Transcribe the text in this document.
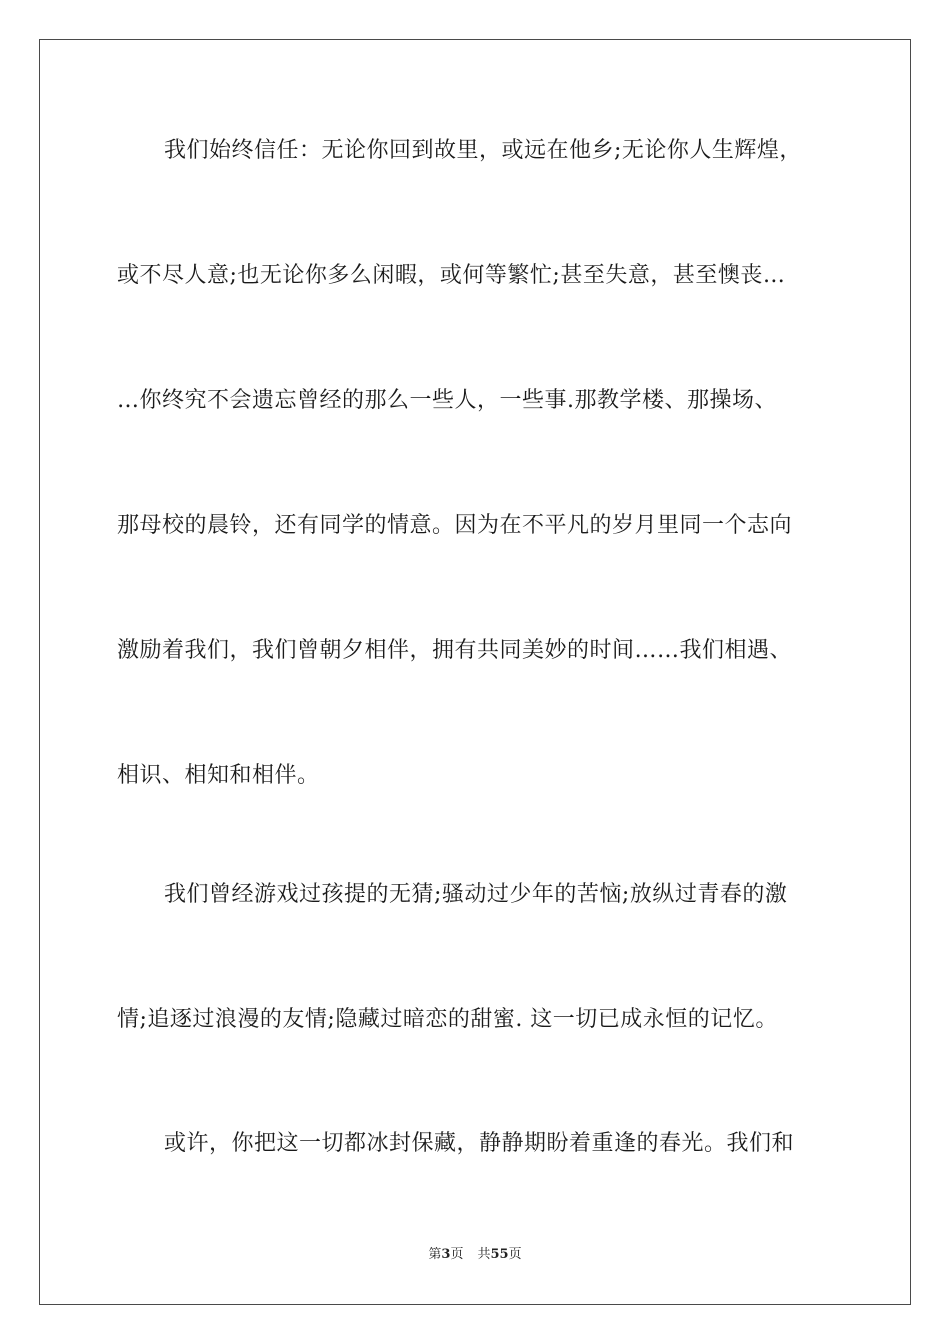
我们始终信任：无论你回到故里，或远在他乡;无论你人生辉煌，
或不尽人意;也无论你多么闲暇，或何等繁忙;甚至失意，甚至懊丧…
…你终究不会遗忘曾经的那么一些人，一些事.那教学楼、那操场、
那母校的晨铃，还有同学的情意。因为在不平凡的岁月里同一个志向
激励着我们，我们曾朝夕相伴，拥有共同美妙的时间……我们相遇、
相识、相知和相伴。
我们曾经游戏过孩提的无猜;骚动过少年的苦恼;放纵过青春的激
情;追逐过浪漫的友情;隐藏过暗恋的甜蜜. 这一切已成永恒的记忆。
或许，你把这一切都冰封保藏，静静期盼着重逢的春光。我们和
第3页 共55页
